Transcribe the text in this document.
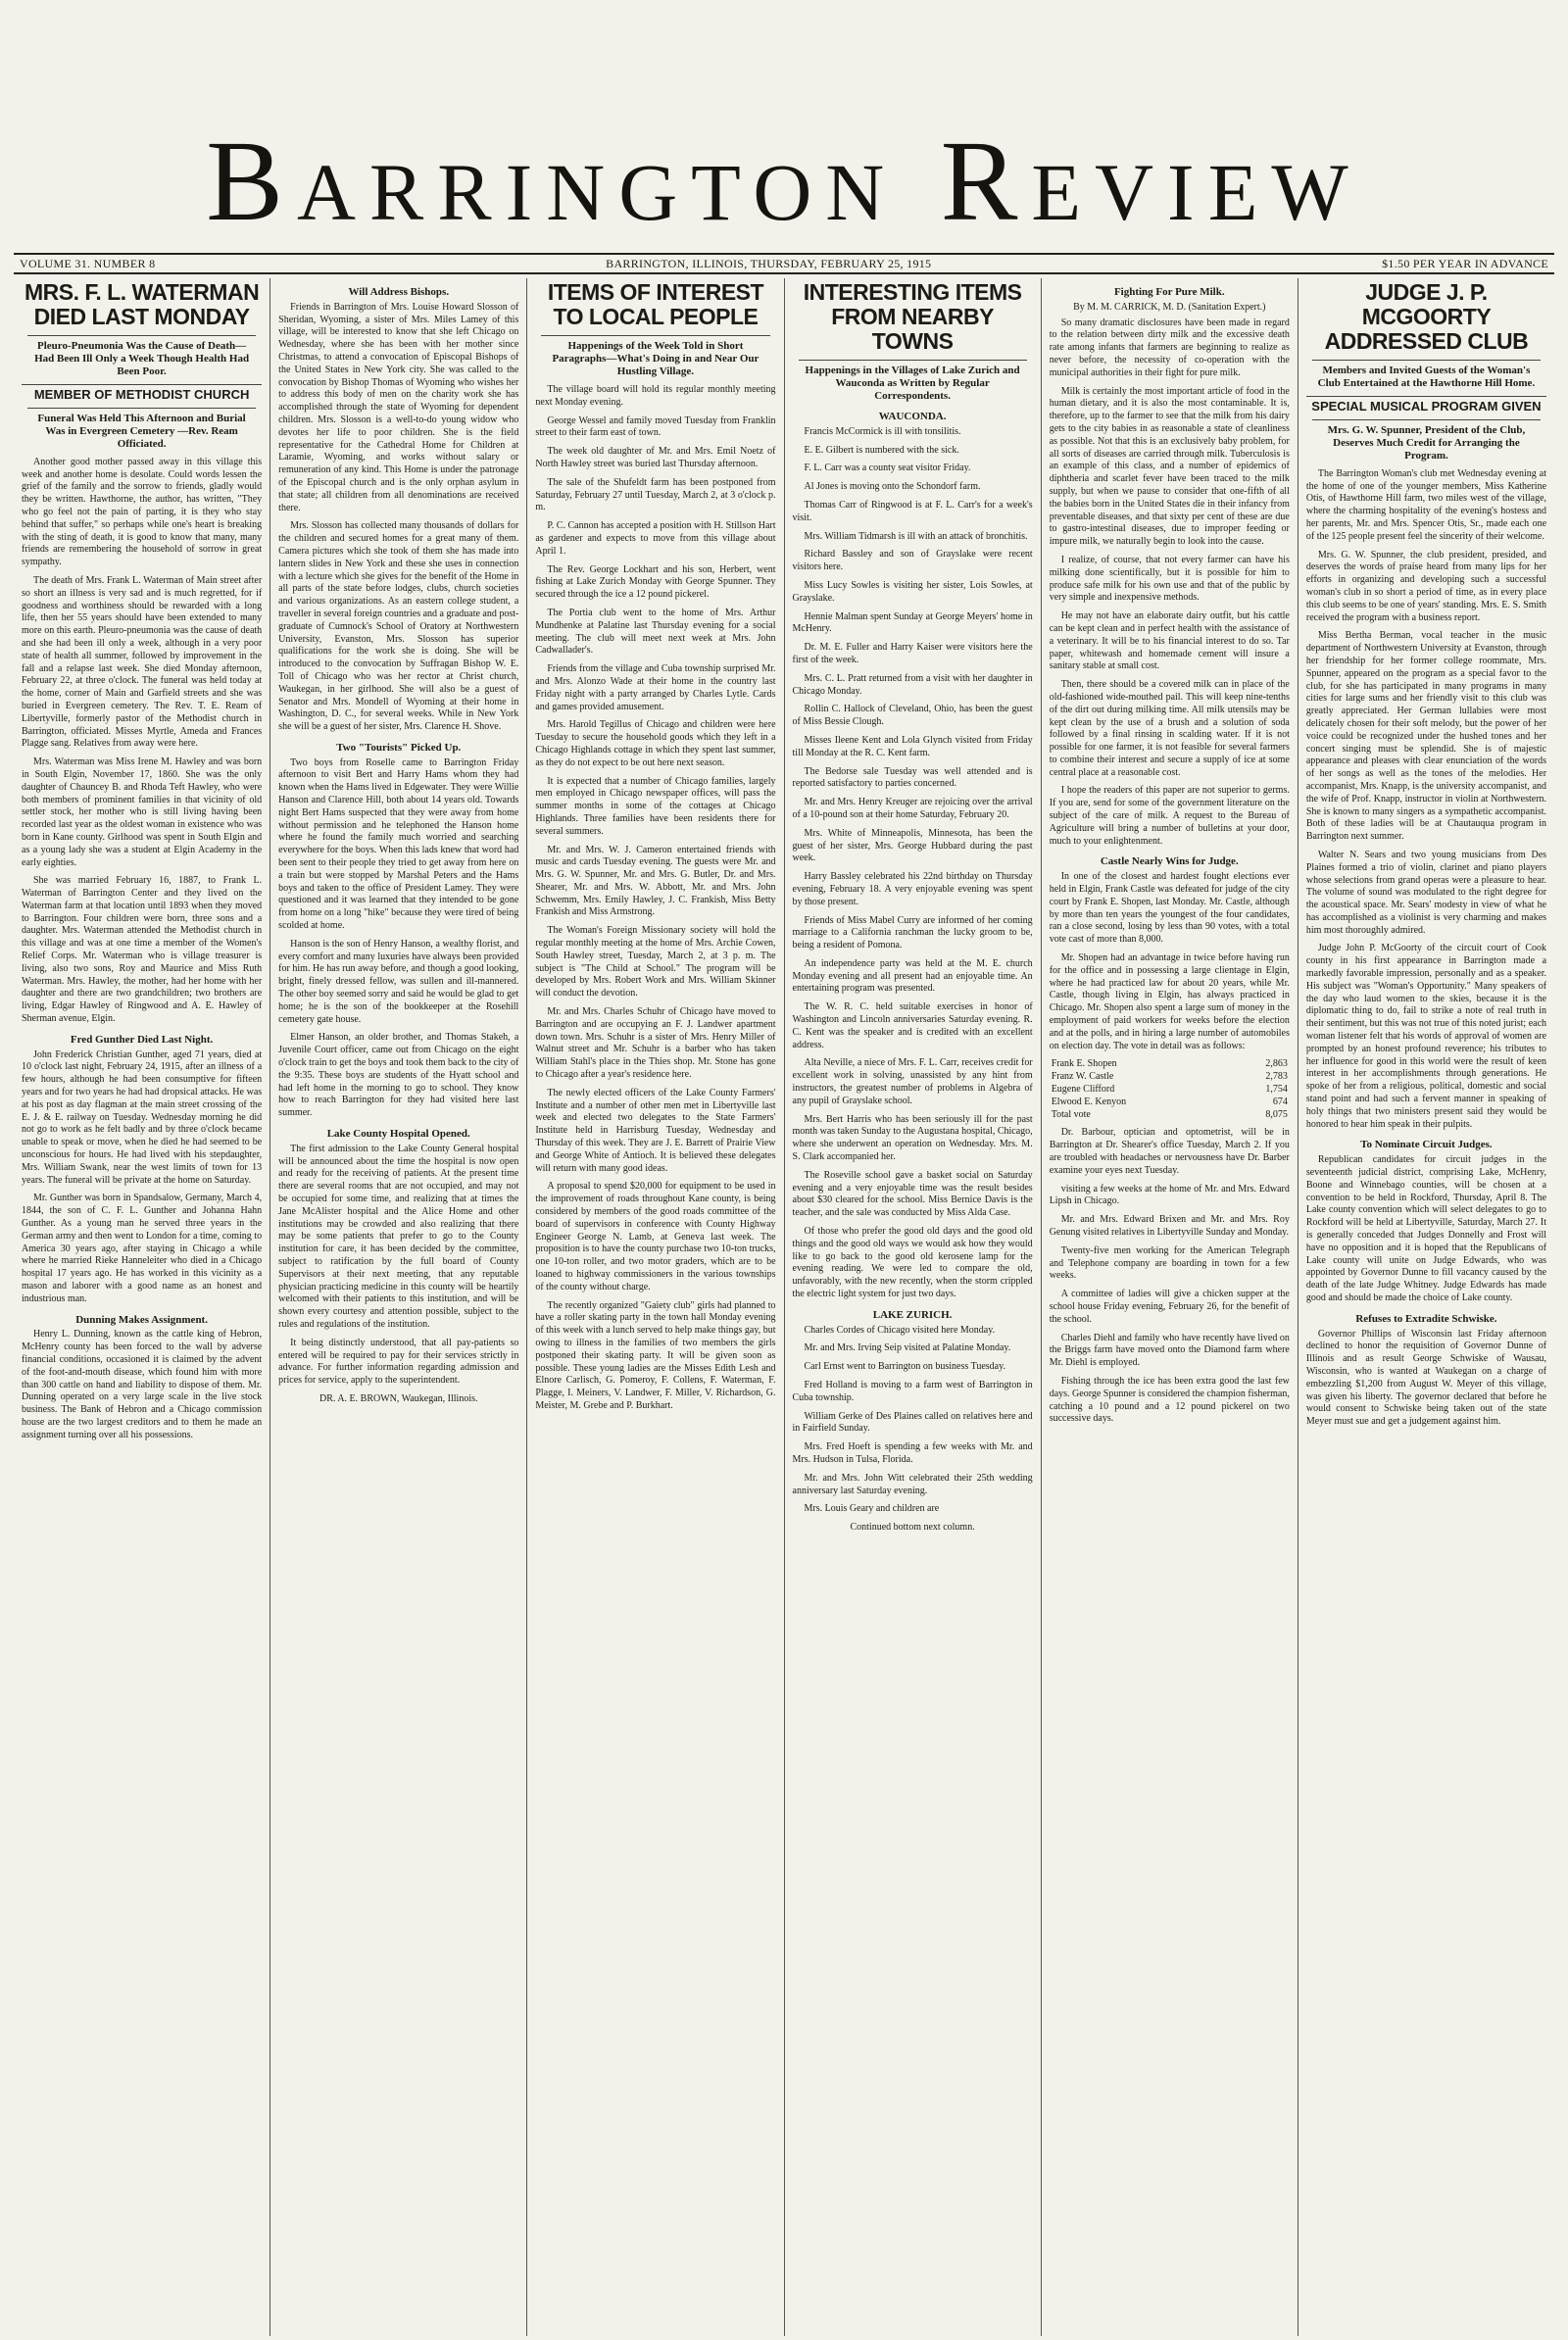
Barrington Review
VOLUME 31. NUMBER 8	BARRINGTON, ILLINOIS, THURSDAY, FEBRUARY 25, 1915	$1.50 PER YEAR IN ADVANCE
MRS. F. L. WATERMAN DIED LAST MONDAY
Pleuro-Pneumonia Was the Cause of Death—Had Been Ill Only a Week Though Health Had Been Poor.
MEMBER OF METHODIST CHURCH
Funeral Was Held This Afternoon and Burial Was in Evergreen Cemetery —Rev. Ream Officiated.

Another good mother passed away in this village this week and another home is desolate. Could words lessen the grief of the family and the sorrow to friends, gladly would they be written. Hawthorne, the author, has written, "They who go feel not the pain of parting, it is they who stay behind that suffer," so perhaps while one's heart is breaking with the sting of death, it is good to know that many, many friends are remembering the household of sorrow in great sympathy.

The death of Mrs. Frank L. Waterman of Main street after so short an illness is very sad and is much regretted, for if goodness and worthiness should be rewarded with a long life, then her 55 years should have been extended to many more on this earth. Pleuro-pneumonia was the cause of death and she had been ill only a week, although in a very poor state of health all summer, followed by improvement in the fall and a relapse last week. She died Monday afternoon, February 22, at three o'clock. The funeral was held today at the home, corner of Main and Garfield streets and she was buried in Evergreen cemetery. The Rev. T. E. Ream of Libertyville, formerly pastor of the Methodist church in Barrington, officiated. Misses Myrtle, Ameda and Frances Plagge sang. Relatives from away were here.

Mrs. Waterman was Miss Irene M. Hawley and was born in South Elgin, November 17, 1860. She was the only daughter of Chauncey B. and Rhoda Teft Hawley, who were both members of prominent families in that vicinity of old settler stock, her mother who is still living having been recorded last year as the oldest woman in existence who was born in Kane county. Girlhood was spent in South Elgin and as a young lady she was a student at Elgin Academy in the early eighties.

She was married February 16, 1887, to Frank L. Waterman of Barrington Center and they lived on the Waterman farm at that location until 1893 when they moved to Barrington. Four children were born, three sons and a daughter. Mrs. Waterman attended the Methodist church in this village and was at one time a member of the Women's Relief Corps. Mr. Waterman who is village treasurer is living, also two sons, Roy and Maurice and Miss Ruth Waterman. Mrs. Hawley, the mother, had her home with her daughter and there are two grandchildren; two brothers are living, Edgar Hawley of Ringwood and A. E. Hawley of Sherman avenue, Elgin.

Fred Gunther Died Last Night.

John Frederick Christian Gunther, aged 71 years, died at 10 o'clock last night, February 24, 1915, after an illness of a few hours, although he had been consumptive for fifteen years and for two years he had had dropsical attacks. He was at his post as day flagman at the main street crossing of the E. J. & E. railway on Tuesday. Wednesday morning he did not go to work as he felt badly and by three o'clock became unable to speak or move, when he died he had seemed to be unconscious for hours. He had lived with his stepdaughter, Mrs. William Swank, near the west limits of town for 13 years. The funeral will be private at the home on Saturday.

Mr. Gunther was born in Spandsalow, Germany, March 4, 1844, the son of C. F. L. Gunther and Johanna Hahn Gunther. As a young man he served three years in the German army and then went to London for a time, coming to America 30 years ago, after staying in Chicago a while where he married Rieke Hanneleiter who died in a Chicago hospital 17 years ago. He has worked in this vicinity as a mason and laborer with a good name as an honest and industrious man.

Dunning Makes Assignment.

Henry L. Dunning, known as the cattle king of Hebron, McHenry county has been forced to the wall by adverse financial conditions, occasioned it is claimed by the advent of the foot-and-mouth disease, which found him with more than 300 cattle on hand and liability to dispose of them. Mr. Dunning operated on a very large scale in the live stock business. The Bank of Hebron and a Chicago commission house are the two largest creditors and to them he made an assignment turning over all his possessions.

Will Address Bishops.

Friends in Barrington of Mrs. Louise Howard Slosson of Sheridan, Wyoming, a sister of Mrs. Miles Lamey of this village, will be interested to know that she left Chicago on Wednesday, where she has been with her mother since Christmas, to attend a convocation of Episcopal Bishops of the United States in New York city. She was called to the convocation by Bishop Thomas of Wyoming who wishes her to address this body of men on the charity work she has accomplished through the state of Wyoming for dependent children. Mrs. Slosson is a well-to-do young widow who devotes her life to poor children. She is the field representative for the Cathedral Home for Children at Laramie, Wyoming, and works without salary or remuneration of any kind. This Home is under the patronage of the Episcopal church and is the only orphan asylum in that state; all children from all denominations are received there.

Mrs. Slosson has collected many thousands of dollars for the children and secured homes for a great many of them. Camera pictures which she took of them she has made into lantern slides in New York and these she uses in connection with a lecture which she gives for the benefit of the Home in all parts of the state before lodges, clubs, church societies and various organizations. As an eastern college student, a traveller in several foreign countries and a graduate and post-graduate of Cumnock's School of Oratory at Northwestern University, Evanston, Mrs. Slosson has superior qualifications for the work she is doing. She will be introduced to the convocation by Suffragan Bishop W. E. Toll of Chicago who was her rector at Christ church, Waukegan, in her girlhood. She will also be a guest of Senator and Mrs. Mondell of Wyoming at their home in Washington, D. C., for several weeks. While in New York she will be a guest of her sister, Mrs. Clarence H. Shove.

Two "Tourists" Picked Up.

Two boys from Roselle came to Barrington Friday afternoon to visit Bert and Harry Hams whom they had known when the Hams lived in Edgewater. They were Willie Hanson and Clarence Hill, both about 14 years old. Towards night Bert Hams suspected that they were away from home without permission and he telephoned the Hanson home where he found the family much worried and searching everywhere for the boys. When this lads knew that word had been sent to their people they tried to get away from here on a train but were stopped by Marshal Peters and the Hams boys and taken to the office of President Lamey. They were questioned and it was learned that they intended to be gone from home on a long "hike" because they were tired of being scolded at home.

Hanson is the son of Henry Hanson, a wealthy florist, and every comfort and many luxuries have always been provided for him. He has run away before, and though a good looking, bright, finely dressed fellow, was sullen and ill-mannered. The other boy seemed sorry and said he would be glad to get home; he is the son of the bookkeeper at the Rosehill cemetery gate house.

Elmer Hanson, an older brother, and Thomas Stakeh, a Juvenile Court officer, came out from Chicago on the eight o'clock train to get the boys and took them back to the city of the 9:35. These boys are students of the Hyatt school and had left home in the morning to go to school. They know how to reach Barrington for they had visited here last summer.

Lake County Hospital Opened.

The first admission to the Lake County General hospital will be announced about the time the hospital is now open and ready for the receiving of patients. At the present time there are several rooms that are not occupied, and may not be occupied for some time, and realizing that at times the Jane McAlister hospital and the Alice Home and other institutions may be crowded and also realizing that there may be some patients that prefer to go to the County institution for care, it has been decided by the committee, subject to ratification by the full board of County Supervisors at their next meeting, that any reputable physician practicing medicine in this county will be heartily welcomed with their patients to this institution, and will be shown every courtesy and attention possible, subject to the rules and regulations of the institution.

It being distinctly understood, that all pay-patients so entered will be required to pay for their services strictly in advance. For further information regarding admission and prices for service, apply to the superintendent.

DR. A. E. BROWN, Waukegan, Illinois.
ITEMS OF INTEREST TO LOCAL PEOPLE
Happenings of the Week Told in Short Paragraphs—What's Doing in and Near Our Hustling Village.

The village board will hold its regular monthly meeting next Monday evening.

George Wessel and family moved Tuesday from Franklin street to their farm east of town.

The week old daughter of Mr. and Mrs. Emil Noetz of North Hawley street was buried last Thursday afternoon.

The sale of the Shufeldt farm has been postponed from Saturday, February 27 until Tuesday, March 2, at 3 o'clock p. m.

P. C. Cannon has accepted a position with H. Stillson Hart as gardener and expects to move from this village about April 1.

The Rev. George Lockhart and his son, Herbert, went fishing at Lake Zurich Monday with George Spunner. They secured through the ice a 12 pound pickerel.

The Portia club went to the home of Mrs. Arthur Mundhenke at Palatine last Thursday evening for a social meeting. The club will meet next week at Mrs. John Cadwallader's.

Friends from the village and Cuba township surprised Mr. and Mrs. Alonzo Wade at their home in the country last Friday night with a party arranged by Charles Lytle. Cards and games provided amusement.

Mrs. Harold Tegillus of Chicago and children were here Tuesday to secure the household goods which they left in a Chicago Highlands cottage in which they spent last summer, as they do not expect to be out here next season.

It is expected that a number of Chicago families, largely men employed in Chicago newspaper offices, will pass the summer months in some of the cottages at Chicago Highlands. Three families have been residents there for several summers.

Mr. and Mrs. W. J. Cameron entertained friends with music and cards Tuesday evening. The guests were Mr. and Mrs. G. W. Spunner, Mr. and Mrs. G. Butler, Dr. and Mrs. Shearer, Mr. and Mrs. W. Abbott, Mr. and Mrs. John Schwemm, Mrs. Emily Hawley, J. C. Frankish, Miss Betty Frankish and Miss Armstrong.

The Woman's Foreign Missionary society will hold the regular monthly meeting at the home of Mrs. Archie Cowen, South Hawley street, Tuesday, March 2, at 3 p. m. The subject is "The Child at School." The program will be developed by Mrs. Robert Work and Mrs. William Skinner will conduct the devotion.

Mr. and Mrs. Charles Schuhr of Chicago have moved to Barrington and are occupying an F. J. Landwer apartment down town. Mrs. Schuhr is a sister of Mrs. Henry Miller of Walnut street and Mr. Schuhr is a barber who has taken William Stahl's place in the Thies shop. Mr. Stone has gone to Chicago after a year's residence here.

The newly elected officers of the Lake County Farmers' Institute and a number of other men met in Libertyville last week and elected two delegates to the State Farmers' Institute held in Harrisburg Tuesday, Wednesday and Thursday of this week. They are J. E. Barrett of Prairie View and George White of Antioch. It is believed these delegates will return with many good ideas.

A proposal to spend $20,000 for equipment to be used in the improvement of roads throughout Kane county, is being considered by members of the good roads committee of the board of supervisors in conference with County Highway Engineer George N. Lamb, at Geneva last week. The proposition is to have the county purchase two 10-ton trucks, one 10-ton roller, and two motor graders, which are to be loaned to highway commissioners in the various townships of the county without charge.

The recently organized "Gaiety club" girls had planned to have a roller skating party in the town hall Monday evening of this week with a lunch served to help make things gay, but owing to illness in the families of two members the girls postponed their skating party. It will be given soon as possible. These young ladies are the Misses Edith Lesh and Elnore Carlisch, G. Pomeroy, F. Collens, F. Waterman, F. Plagge, I. Meiners, V. Landwer, F. Miller, V. Richardson, G. Meister, M. Grebe and P. Burkhart.

INTERESTING ITEMS FROM NEARBY TOWNS
Happenings in the Villages of Lake Zurich and Wauconda as Written by Regular Correspondents.
WAUCONDA.

Francis McCormick is ill with tonsilitis.

E. E. Gilbert is numbered with the sick.

F. L. Carr was a county seat visitor Friday.

Al Jones is moving onto the Schondorf farm.

Thomas Carr of Ringwood is at F. L. Carr's for a week's visit.

Mrs. William Tidmarsh is ill with an attack of bronchitis.

Richard Bassley and son of Grayslake were recent visitors here.

Miss Lucy Sowles is visiting her sister, Lois Sowles, at Grayslake.

Hennie Malman spent Sunday at George Meyers' home in McHenry.

Dr. M. E. Fuller and Harry Kaiser were visitors here the first of the week.

Mrs. C. L. Pratt returned from a visit with her daughter in Chicago Monday.

Rollin C. Hallock of Cleveland, Ohio, has been the guest of Miss Bessie Clough.

Misses Ileene Kent and Lola Glynch visited from Friday till Monday at the R. C. Kent farm.

The Bedorse sale Tuesday was well attended and is reported satisfactory to parties concerned.

Mr. and Mrs. Henry Kreuger are rejoicing over the arrival of a 10-pound son at their home Saturday, February 20.

Mrs. White of Minneapolis, Minnesota, has been the guest of her sister, Mrs. George Hubbard during the past week.

Harry Bassley celebrated his 22nd birthday on Thursday evening, February 18. A very enjoyable evening was spent by those present.

Friends of Miss Mabel Curry are informed of her coming marriage to a California ranchman the lucky groom to be, being a resident of Pomona.

An independence party was held at the M. E. church Monday evening and all present had an enjoyable time. An entertaining program was presented.

The W. R. C. held suitable exercises in honor of Washington and Lincoln anniversaries Saturday evening. R. C. Kent was the speaker and is credited with an excellent address.

Alta Neville, a niece of Mrs. F. L. Carr, receives credit for excellent work in solving, unassisted by any hint from instructors, the greatest number of problems in Algebra of any pupil of Grayslake school.

Mrs. Bert Harris who has been seriously ill for the past month was taken Sunday to the Augustana hospital, Chicago, where she underwent an operation on Wednesday. Mrs. M. S. Clark accompanied her.

The Roseville school gave a basket social on Saturday evening and a very enjoyable time was the result besides about $30 cleared for the school. Miss Bernice Davis is the teacher, and the sale was conducted by Miss Alda Case.

Of those who prefer the good old days and the good old things and the good old ways we would ask how they would like to go back to the good old kerosene lamp for the evening reading. We were led to compare the old, unfavorably, with the new recently, when the storm crippled the electric light system for just two days.

LAKE ZURICH.

Charles Cordes of Chicago visited here Monday.

Mr. and Mrs. Irving Seip visited at Palatine Monday.

Carl Ernst went to Barrington on business Tuesday.

Fred Holland is moving to a farm west of Barrington in Cuba township.

William Gerke of Des Plaines called on relatives here and in Fairfield Sunday.

Mrs. Fred Hoeft is spending a few weeks with Mr. and Mrs. Hudson in Tulsa, Florida.

Mr. and Mrs. John Witt celebrated their 25th wedding anniversary last Saturday evening.

Mrs. Louis Geary and children are

Continued bottom next column.
Fighting For Pure Milk.
By M. M. CARRICK, M. D. (Sanitation Expert.)

So many dramatic disclosures have been made in regard to the relation between dirty milk and the excessive death rate among infants that farmers are beginning to realize as never before, the necessity of co-operation with the municipal authorities in their fight for pure milk.

Milk is certainly the most important article of food in the human dietary, and it is also the most contaminable. It is, therefore, up to the farmer to see that the milk from his dairy gets to the city babies in as reasonable a state of cleanliness as possible. Not that this is an exclusively baby problem, for all sorts of diseases are carried through milk. Tuberculosis is an example of this class, and a number of epidemics of diphtheria and scarlet fever have been traced to the milk supply, but when we pause to consider that one-fifth of all the babies born in the United States die in their infancy from preventable diseases, and that sixty per cent of these are due to gastro-intestinal diseases, due to improper feeding or impure milk, we naturally begin to look into the cause.

I realize, of course, that not every farmer can have his milking done scientifically, but it is possible for him to produce safe milk for his own use and that of the public by very simple and inexpensive methods.

He may not have an elaborate dairy outfit, but his cattle can be kept clean and in perfect health with the assistance of a veterinary. It will be to his financial interest to do so. Tar paper, whitewash and homemade cement will insure a sanitary stable at small cost.

Then, there should be a covered milk can in place of the old-fashioned wide-mouthed pail. This will keep nine-tenths of the dirt out during milking time. All milk utensils may be kept clean by the use of a brush and a solution of soda followed by a final rinsing in scalding water. If it is not possible for one farmer, it is not feasible for several farmers to combine their interest and secure a supply of ice at some central place at a reasonable cost.

I hope the readers of this paper are not superior to germs. If you are, send for some of the government literature on the subject of the care of milk. A request to the Bureau of Agriculture will bring a number of bulletins at your door, much to your enlightenment.

Castle Nearly Wins for Judge.

In one of the closest and hardest fought elections ever held in Elgin, Frank Castle was defeated for judge of the city court by Frank E. Shopen, last Monday. Mr. Castle, although by more than ten years the youngest of the four candidates, ran a close second, losing by less than 90 votes, with a total vote cast of more than 8,000.

Mr. Shopen had an advantage in twice before having run for the office and in possessing a large clientage in Elgin, where he had practiced law for about 20 years, while Mr. Castle, though living in Elgin, has always practiced in Chicago. Mr. Shopen also spent a large sum of money in the employment of paid workers for weeks before the election and at the polls, and in hiring a large number of automobiles on election day. The vote in detail was as follows:

Frank E. Shopen	2,863
Franz W. Castle	2,783
Eugene Clifford	1,754
Elwood E. Kenyon	674
Total vote	8,075

Dr. Barbour, optician and optometrist, will be in Barrington at Dr. Shearer's office Tuesday, March 2. If you are troubled with headaches or nervousness have Dr. Barber examine your eyes next Tuesday.

visiting a few weeks at the home of Mr. and Mrs. Edward Lipsh in Chicago.

Mr. and Mrs. Edward Brixen and Mr. and Mrs. Roy Genung visited relatives in Libertyville Sunday and Monday.

Twenty-five men working for the American Telegraph and Telephone company are boarding in town for a few weeks.

A committee of ladies will give a chicken supper at the school house Friday evening, February 26, for the benefit of the school.

Charles Diehl and family who have recently have lived on the Briggs farm have moved onto the Diamond farm where Mr. Diehl is employed.

Fishing through the ice has been extra good the last few days. George Spunner is considered the champion fisherman, catching a 10 pound and a 12 pound pickerel on two successive days.

JUDGE J. P. MCGOORTY ADDRESSED CLUB
Members and Invited Guests of the Woman's Club Entertained at the Hawthorne Hill Home.
SPECIAL MUSICAL PROGRAM GIVEN
Mrs. G. W. Spunner, President of the Club, Deserves Much Credit for Arranging the Program.

The Barrington Woman's club met Wednesday evening at the home of one of the younger members, Miss Katherine Otis, of Hawthorne Hill farm, two miles west of the village, where the charming hospitality of the evening's hostess and her parents, Mr. and Mrs. Spencer Otis, Sr., made each one of the 125 people present feel the sincerity of their welcome.

Mrs. G. W. Spunner, the club president, presided, and deserves the words of praise heard from many lips for her efforts in organizing and developing such a successful woman's club in so short a period of time, as in every place this club seems to be one of years' standing. Mrs. E. S. Smith received the program with a business report.

Miss Bertha Berman, vocal teacher in the music department of Northwestern University at Evanston, through her friendship for her former college roommate, Mrs. Spunner, appeared on the program as a special favor to the club, for she has participated in many programs in many cities for large sums and her friendly visit to this club was greatly appreciated. Her German lullabies were most delicately chosen for their soft melody, but the power of her voice could be recognized under the hushed tones and her concert singing must be splendid. She is of majestic appearance and pleases with clear enunciation of the words of her songs as well as the tones of the melodies. Her accompanist, Mrs. Knapp, is the university accompanist, and the wife of Prof. Knapp, instructor in violin at Northwestern. She is known to many singers as a sympathetic accompanist. Both of these ladies will be at Chautauqua program in Barrington next summer.

Walter N. Sears and two young musicians from Des Plaines formed a trio of violin, clarinet and piano players whose selections from grand operas were a pleasure to hear. The volume of sound was modulated to the right degree for the acoustical space. Mr. Sears' modesty in view of what he has accomplished as a violinist is very charming and makes him most thoroughly admired.

Judge John P. McGoorty of the circuit court of Cook county in his first appearance in Barrington made a markedly favorable impression, personally and as a speaker. His subject was "Woman's Opportunity." Many speakers of the day who laud women to the skies, because it is the diplomatic thing to do, fail to strike a note of real truth in their sentiment, but this was not true of this noted jurist; each woman listener felt that his words of approval of women are prompted by an honest profound reverence; his tributes to her influence for good in this world were the result of keen interest in her accomplishments through generations. He spoke of her from a religious, political, domestic and social stand point and had such a fervent manner in speaking of holy things that two ministers present said they would be honored to hear him speak in their pulpits.

To Nominate Circuit Judges.

Republican candidates for circuit judges in the seventeenth judicial district, comprising Lake, McHenry, Boone and Winnebago counties, will be chosen at a convention to be held in Rockford, Thursday, April 8. The Lake county convention which will select delegates to go to Rockford will be held at Libertyville, Saturday, March 27. It is generally conceded that Judges Donnelly and Frost will have no opposition and it is hoped that the Republicans of Lake county will unite on Judge Edwards, who was appointed by Governor Dunne to fill vacancy caused by the death of the late Judge Whitney. Judge Edwards has made good and should be made the choice of Lake county.

Refuses to Extradite Schwiske.

Governor Phillips of Wisconsin last Friday afternoon declined to honor the requisition of Governor Dunne of Illinois and as result George Schwiske of Wausau, Wisconsin, who is wanted at Waukegan on a charge of embezzling $1,200 from August W. Meyer of this village, was given his liberty. The governor declared that before he would consent to Schwiske being taken out of the state Meyer must sue and get a judgement against him.
